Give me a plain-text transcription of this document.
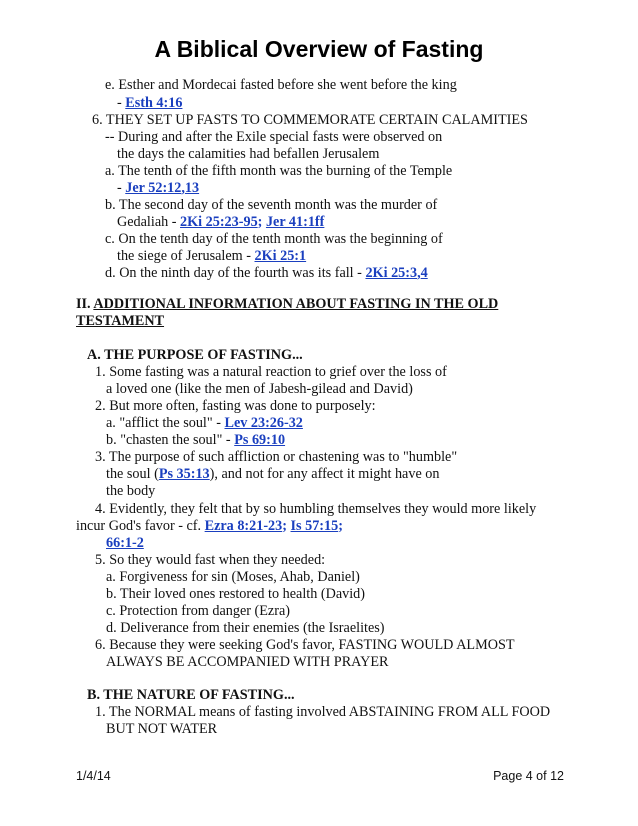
A Biblical Overview of Fasting
e. Esther and Mordecai fasted before she went before the king
- Esth 4:16
6. THEY SET UP FASTS TO COMMEMORATE CERTAIN CALAMITIES
-- During and after the Exile special fasts were observed on
the days the calamities had befallen Jerusalem
a. The tenth of the fifth month was the burning of the Temple
- Jer 52:12,13
b. The second day of the seventh month was the murder of
Gedaliah - 2Ki 25:23-95; Jer 41:1ff
c. On the tenth day of the tenth month was the beginning of
the siege of Jerusalem - 2Ki 25:1
d. On the ninth day of the fourth was its fall - 2Ki 25:3,4
II. ADDITIONAL INFORMATION ABOUT FASTING IN THE OLD
TESTAMENT
A. THE PURPOSE OF FASTING...
1. Some fasting was a natural reaction to grief over the loss of
a loved one (like the men of Jabesh-gilead and David)
2. But more often, fasting was done to purposely:
a. "afflict the soul" - Lev 23:26-32
b. "chasten the soul" - Ps 69:10
3. The purpose of such affliction or chastening was to "humble"
the soul (Ps 35:13), and not for any affect it might have on
the body
4. Evidently, they felt that by so humbling themselves they would more likely
incur God's favor - cf. Ezra 8:21-23; Is 57:15;
66:1-2
5. So they would fast when they needed:
a. Forgiveness for sin (Moses, Ahab, Daniel)
b. Their loved ones restored to health (David)
c. Protection from danger (Ezra)
d. Deliverance from their enemies (the Israelites)
6. Because they were seeking God's favor, FASTING WOULD ALMOST
ALWAYS BE ACCOMPANIED WITH PRAYER
B. THE NATURE OF FASTING...
1. The NORMAL means of fasting involved ABSTAINING FROM ALL FOOD
BUT NOT WATER
1/4/14	Page 4 of 12
